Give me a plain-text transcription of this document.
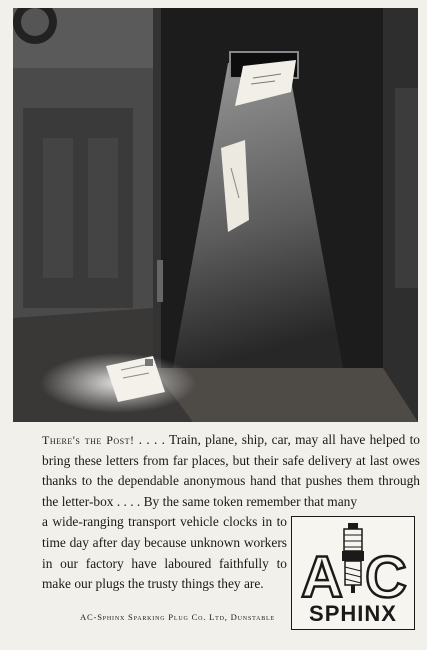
There's the Post! . . . . Train, plane, ship, car, may all have helped to bring these letters from far places, but their safe delivery at last owes thanks to the dependable anonymous hand that pushes them through the letter-box . . . . By the same token remember that many
a wide-ranging transport vehicle clocks in to time day after day because unknown workers in our factory have laboured faithfully to make our plugs the trusty things they are. A C
SPHINX

AC-Sphinx Sparking Plug Co. Ltd, Dunstable
